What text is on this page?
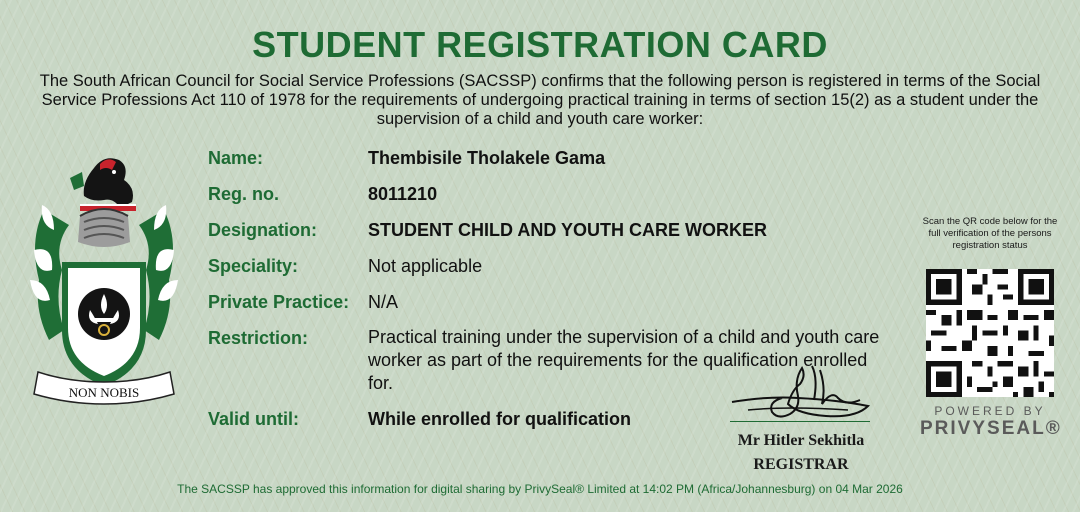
STUDENT REGISTRATION CARD
The South African Council for Social Service Professions (SACSSP) confirms that the following person is registered in terms of the Social Service Professions Act 110 of 1978 for the requirements of undergoing practical training in terms of section 15(2) as a student under the supervision of a child and youth care worker:
NON NOBIS
Name:	Thembisile Tholakele Gama
Reg. no.	8011210
Designation:	STUDENT CHILD AND YOUTH CARE WORKER
Speciality:	Not applicable
Private Practice:	N/A
Restriction:	Practical training under the supervision of a child and youth care worker as part of the requirements for the qualification enrolled for.
Valid until:	While enrolled for qualification
Mr Hitler Sekhitla
REGISTRAR
Scan the QR code below for the full verification of the persons registration status
POWERED BY
PRIVYSEAL®
The SACSSP has approved this information for digital sharing by PrivySeal® Limited at 14:02 PM (Africa/Johannesburg) on 04 Mar 2026
